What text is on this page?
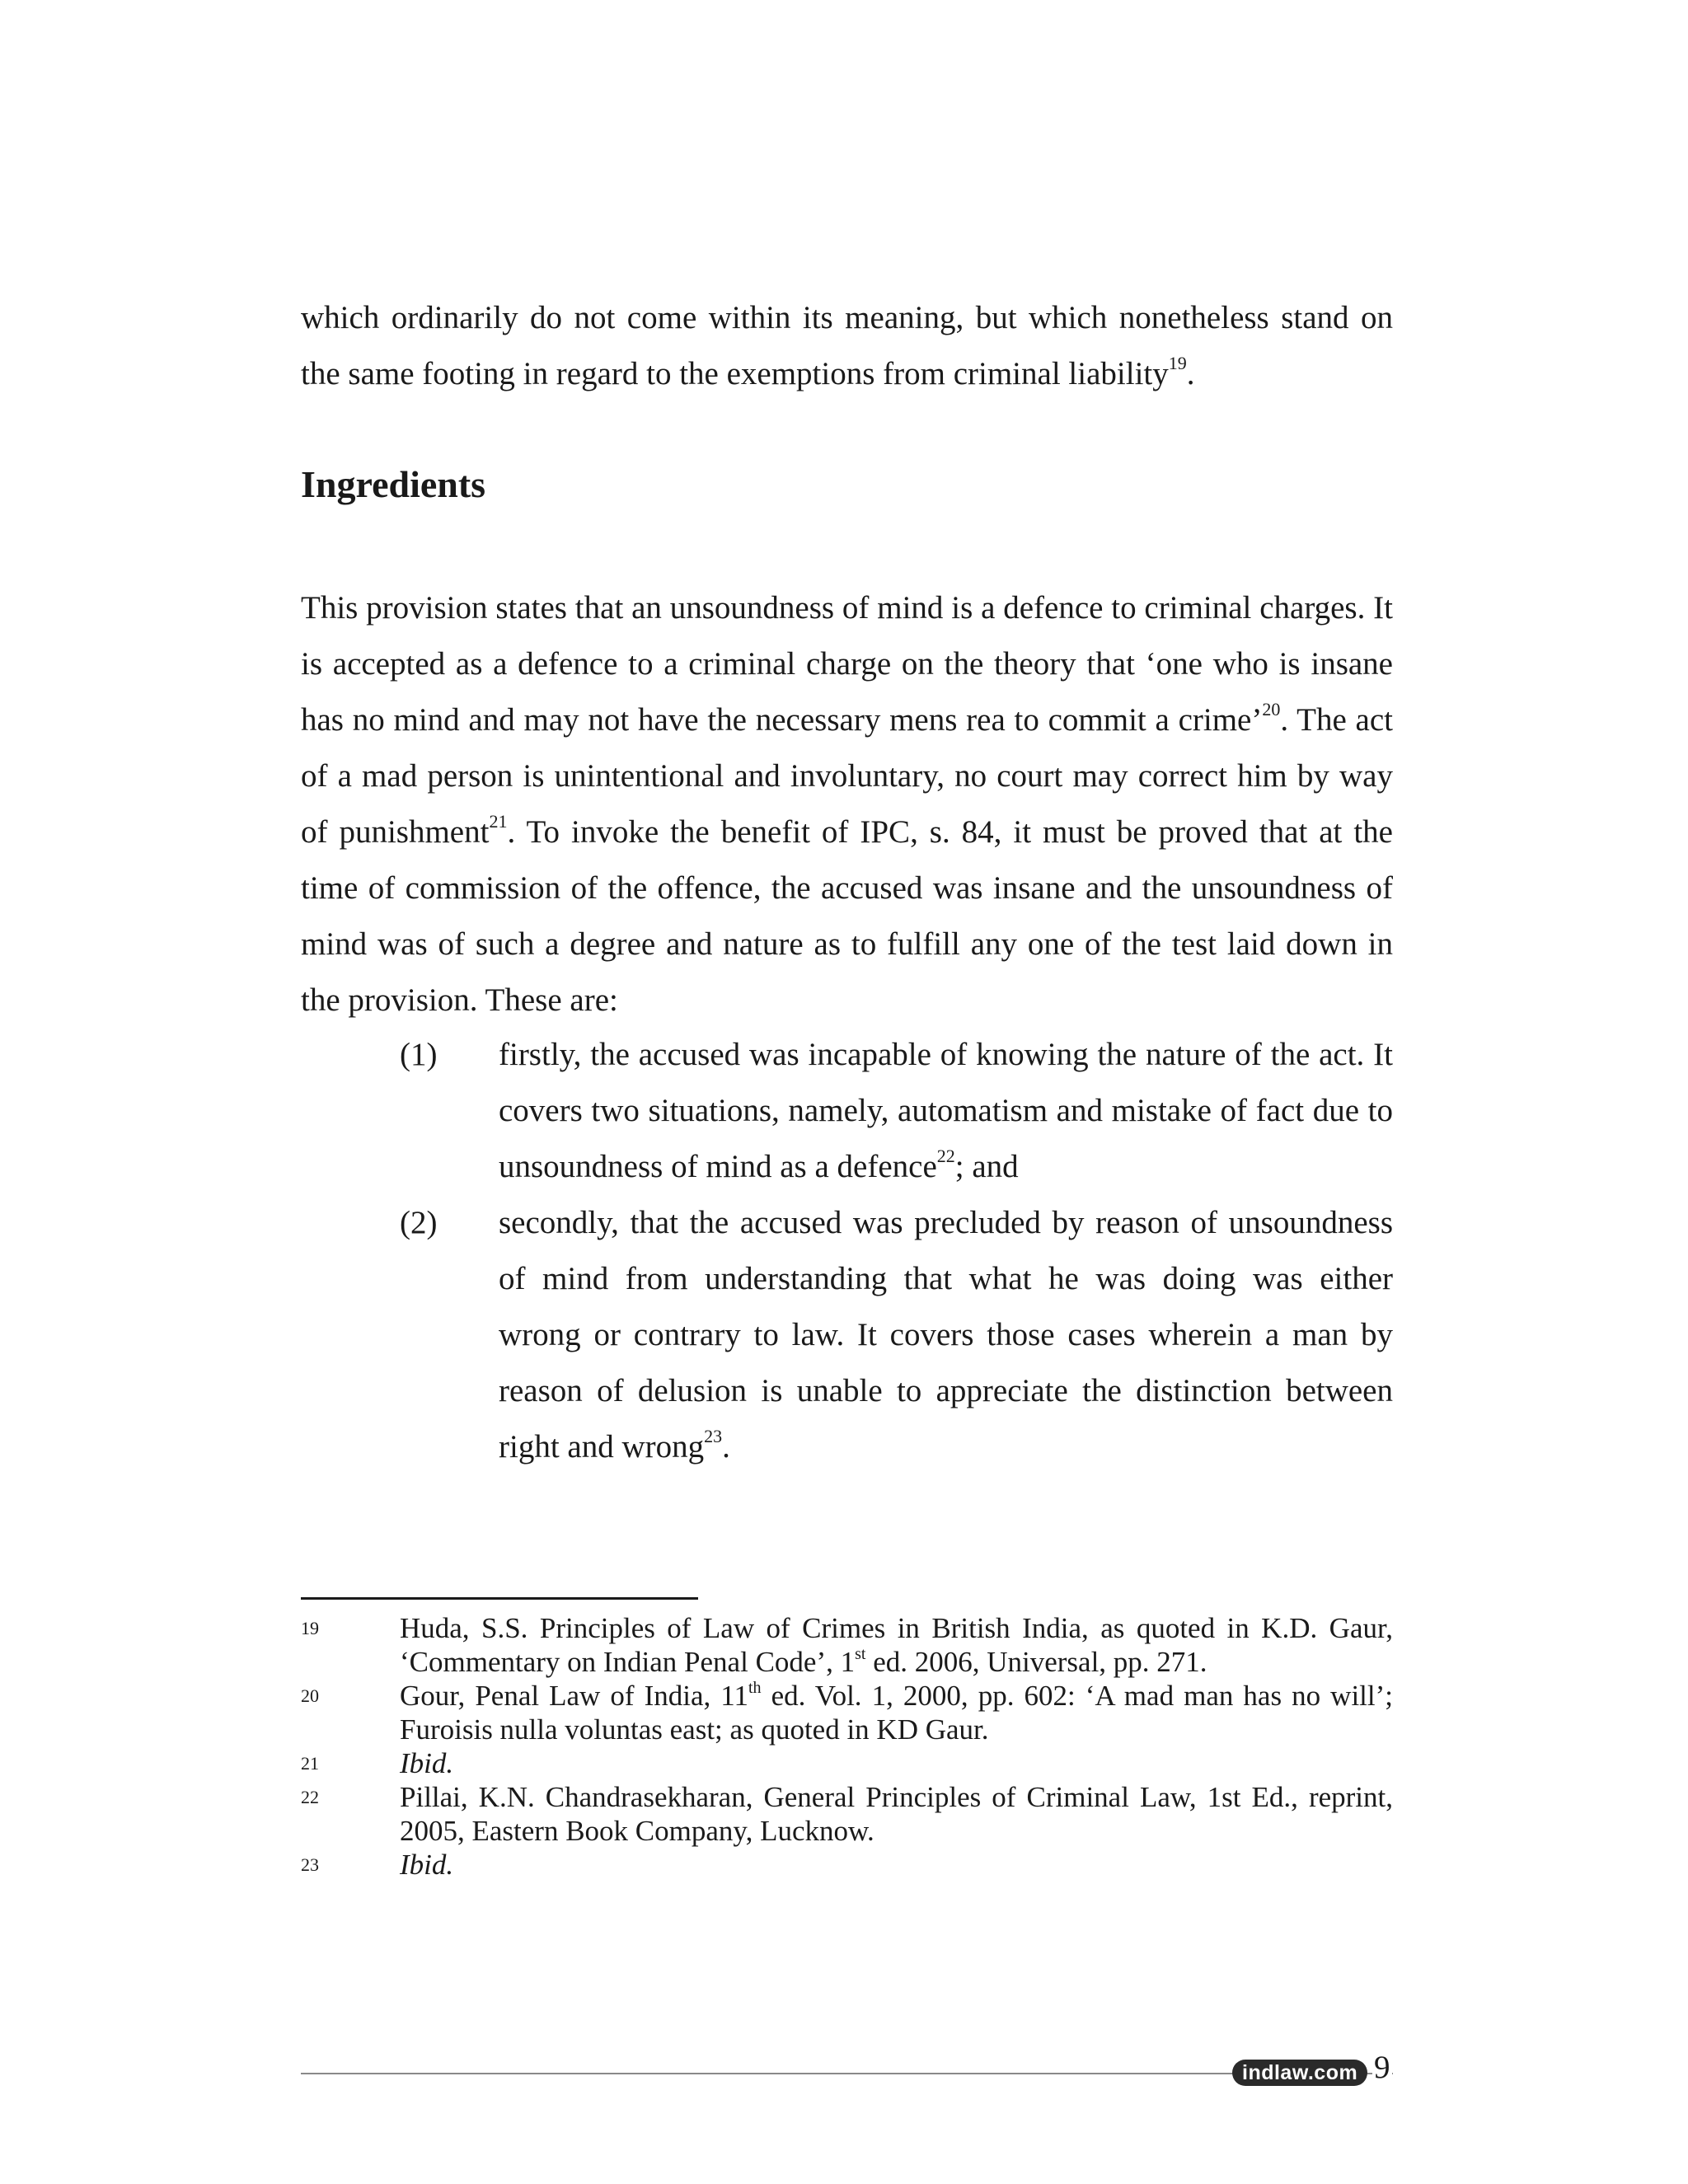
which ordinarily do not come within its meaning, but which nonetheless stand on the same footing in regard to the exemptions from criminal liability$^{19}$.

Ingredients

This provision states that an unsoundness of mind is a defence to criminal charges. It is accepted as a defence to a criminal charge on the theory that ‘one who is insane has no mind and may not have the necessary mens rea to commit a crime’$^{20}$. The act of a mad person is unintentional and involuntary, no court may correct him by way of punishment$^{21}$. To invoke the benefit of IPC, s. 84, it must be proved that at the time of commission of the offence, the accused was insane and the unsoundness of mind was of such a degree and nature as to fulfill any one of the test laid down in the provision. These are:

(1) firstly, the accused was incapable of knowing the nature of the act. It covers two situations, namely, automatism and mistake of fact due to unsoundness of mind as a defence$^{22}$; and

(2) secondly, that the accused was precluded by reason of unsoundness of mind from understanding that what he was doing was either wrong or contrary to law. It covers those cases wherein a man by reason of delusion is unable to appreciate the distinction between right and wrong$^{23}$.

19	Huda, S.S. Principles of Law of Crimes in British India, as quoted in K.D. Gaur, ‘Commentary on Indian Penal Code’, 1st ed. 2006, Universal, pp. 271.

20	Gour, Penal Law of India, 11th ed. Vol. 1, 2000, pp. 602: ‘A mad man has no will’; Furoisis nulla voluntas east; as quoted in KD Gaur.

21	Ibid.

22	Pillai, K.N. Chandrasekharan, General Principles of Criminal Law, 1st Ed., reprint, 2005, Eastern Book Company, Lucknow.

23	Ibid.

indlaw.com 9
